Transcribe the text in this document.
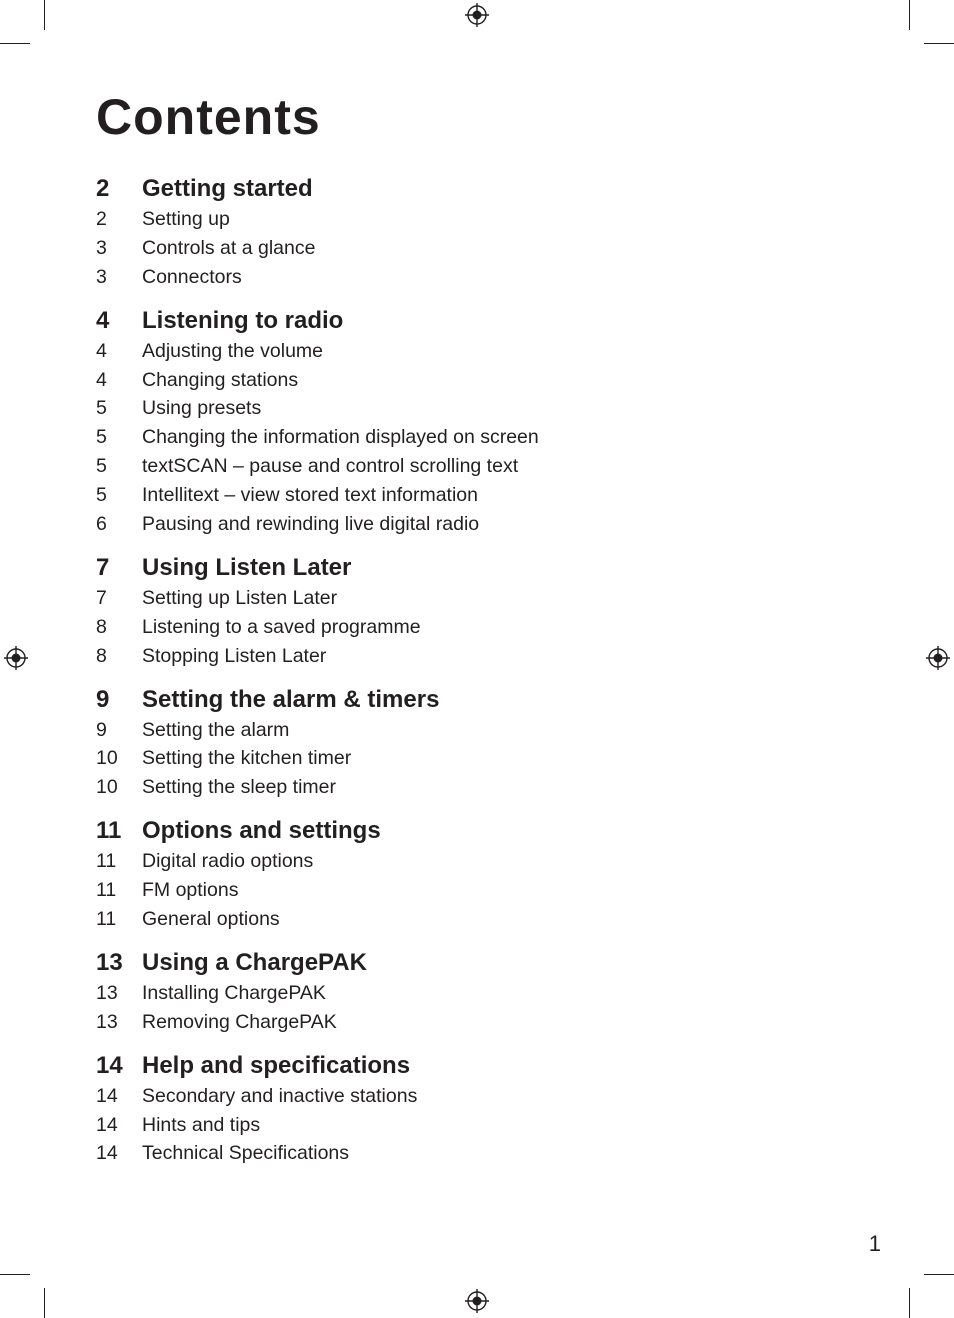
Contents
2	Getting started
2	Setting up
3	Controls at a glance
3	Connectors
4	Listening to radio
4	Adjusting the volume
4	Changing stations
5	Using presets
5	Changing the information displayed on screen
5	textSCAN – pause and control scrolling text
5	Intellitext – view stored text information
6	Pausing and rewinding live digital radio
7	Using Listen Later
7	Setting up Listen Later
8	Listening to a saved programme
8	Stopping Listen Later
9	Setting the alarm & timers
9	Setting the alarm
10	Setting the kitchen timer
10	Setting the sleep timer
11 Options and settings
11	Digital radio options
11	FM options
11	General options
13 Using a ChargePAK
13	Installing ChargePAK
13	Removing ChargePAK
14 Help and specifications
14	Secondary and inactive stations
14	Hints and tips
14	Technical Specifications
1
